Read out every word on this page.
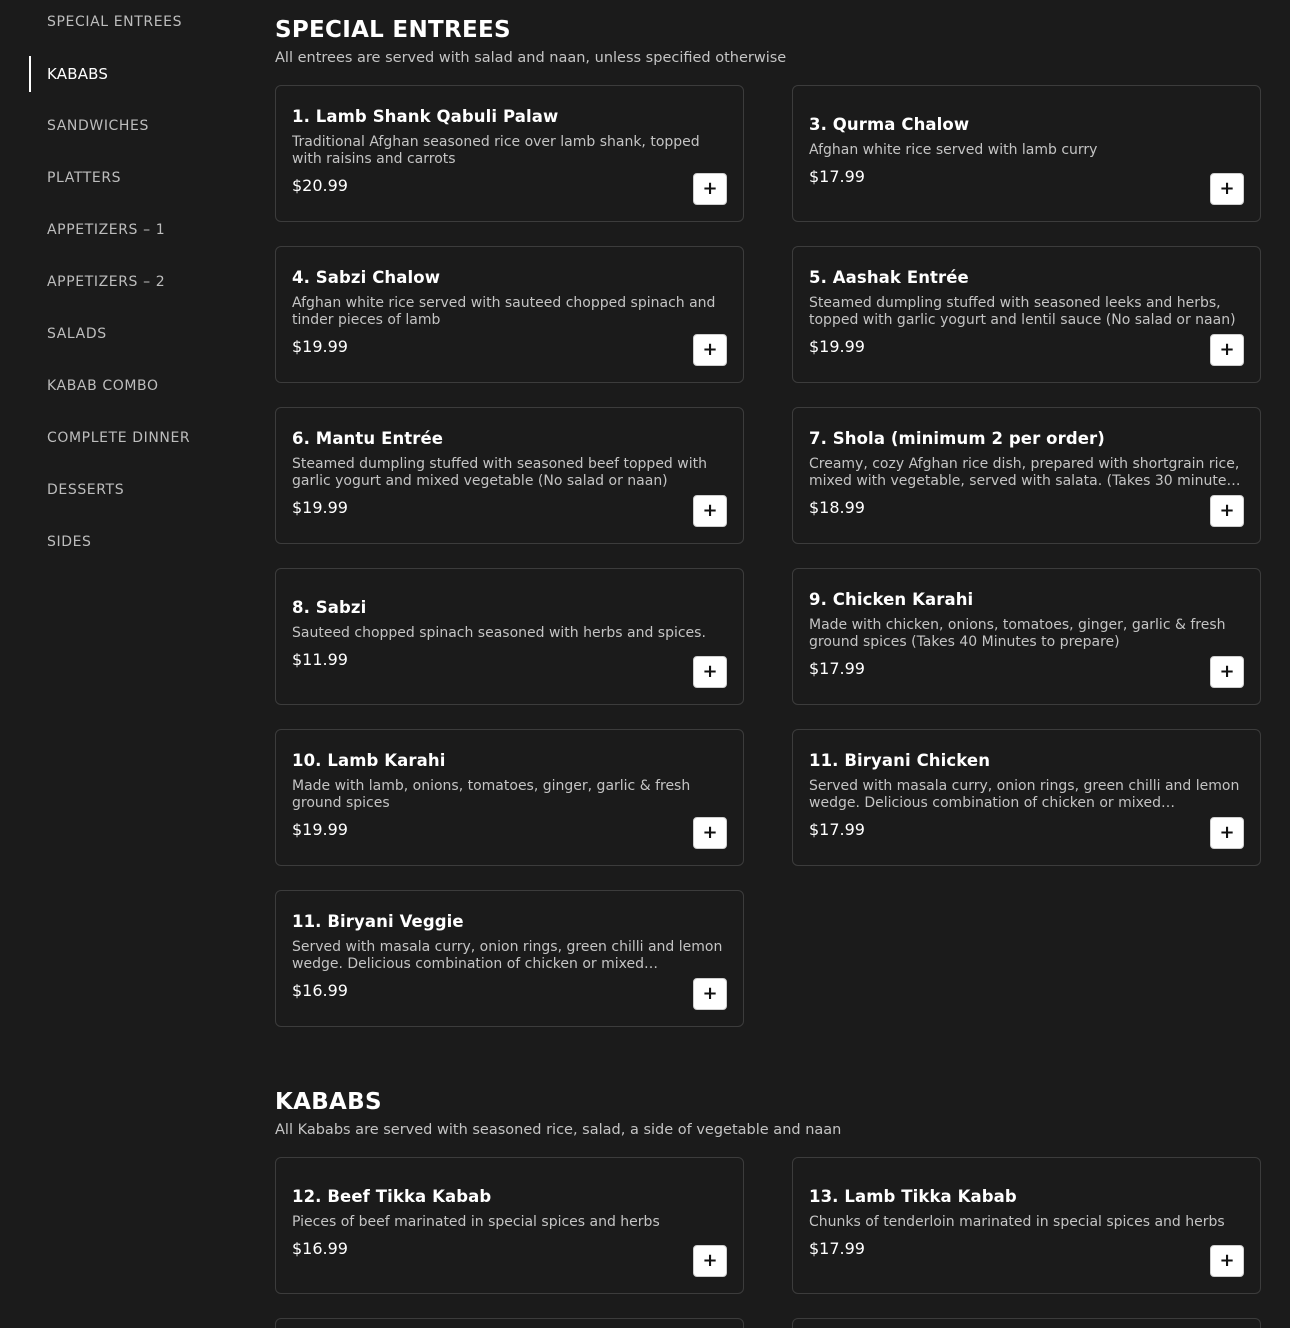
SPECIAL ENTREES
KABABS
SANDWICHES
PLATTERS
APPETIZERS – 1
APPETIZERS – 2
SALADS
KABAB COMBO
COMPLETE DINNER
DESSERTS
SIDES
SPECIAL ENTREES

All entrees are served with salad and naan, unless specified otherwise

1. Lamb Shank Qabuli Palaw
Traditional Afghan seasoned rice over lamb shank, topped with raisins and carrots
$20.99	+
3. Qurma Chalow
Afghan white rice served with lamb curry
$17.99
+
4. Sabzi Chalow
Afghan white rice served with sauteed chopped spinach and tinder pieces of lamb
$19.99	+
5. Aashak Entrée
Steamed dumpling stuffed with seasoned leeks and herbs, topped with garlic yogurt and lentil sauce (No salad or naan)
$19.99	+
6. Mantu Entrée
Steamed dumpling stuffed with seasoned beef topped with garlic yogurt and mixed vegetable (No salad or naan)
$19.99	+
7. Shola (minimum 2 per order)
Creamy, cozy Afghan rice dish, prepared with shortgrain rice, mixed with vegetable, served with salata. (Takes 30 minute…
$18.99	+
8. Sabzi
Sauteed chopped spinach seasoned with herbs and spices.
$11.99
+
9. Chicken Karahi
Made with chicken, onions, tomatoes, ginger, garlic & fresh ground spices (Takes 40 Minutes to prepare)
$17.99	+
10. Lamb Karahi
Made with lamb, onions, tomatoes, ginger, garlic & fresh ground spices
$19.99	+
11. Biryani Chicken
Served with masala curry, onion rings, green chilli and lemon wedge. Delicious combination of chicken or mixed…
$17.99	+
11. Biryani Veggie
Served with masala curry, onion rings, green chilli and lemon wedge. Delicious combination of chicken or mixed…
$16.99	+
KABABS

All Kababs are served with seasoned rice, salad, a side of vegetable and naan

12. Beef Tikka Kabab
Pieces of beef marinated in special spices and herbs
$16.99
+
13. Lamb Tikka Kabab
Chunks of tenderloin marinated in special spices and herbs
$17.99
+
